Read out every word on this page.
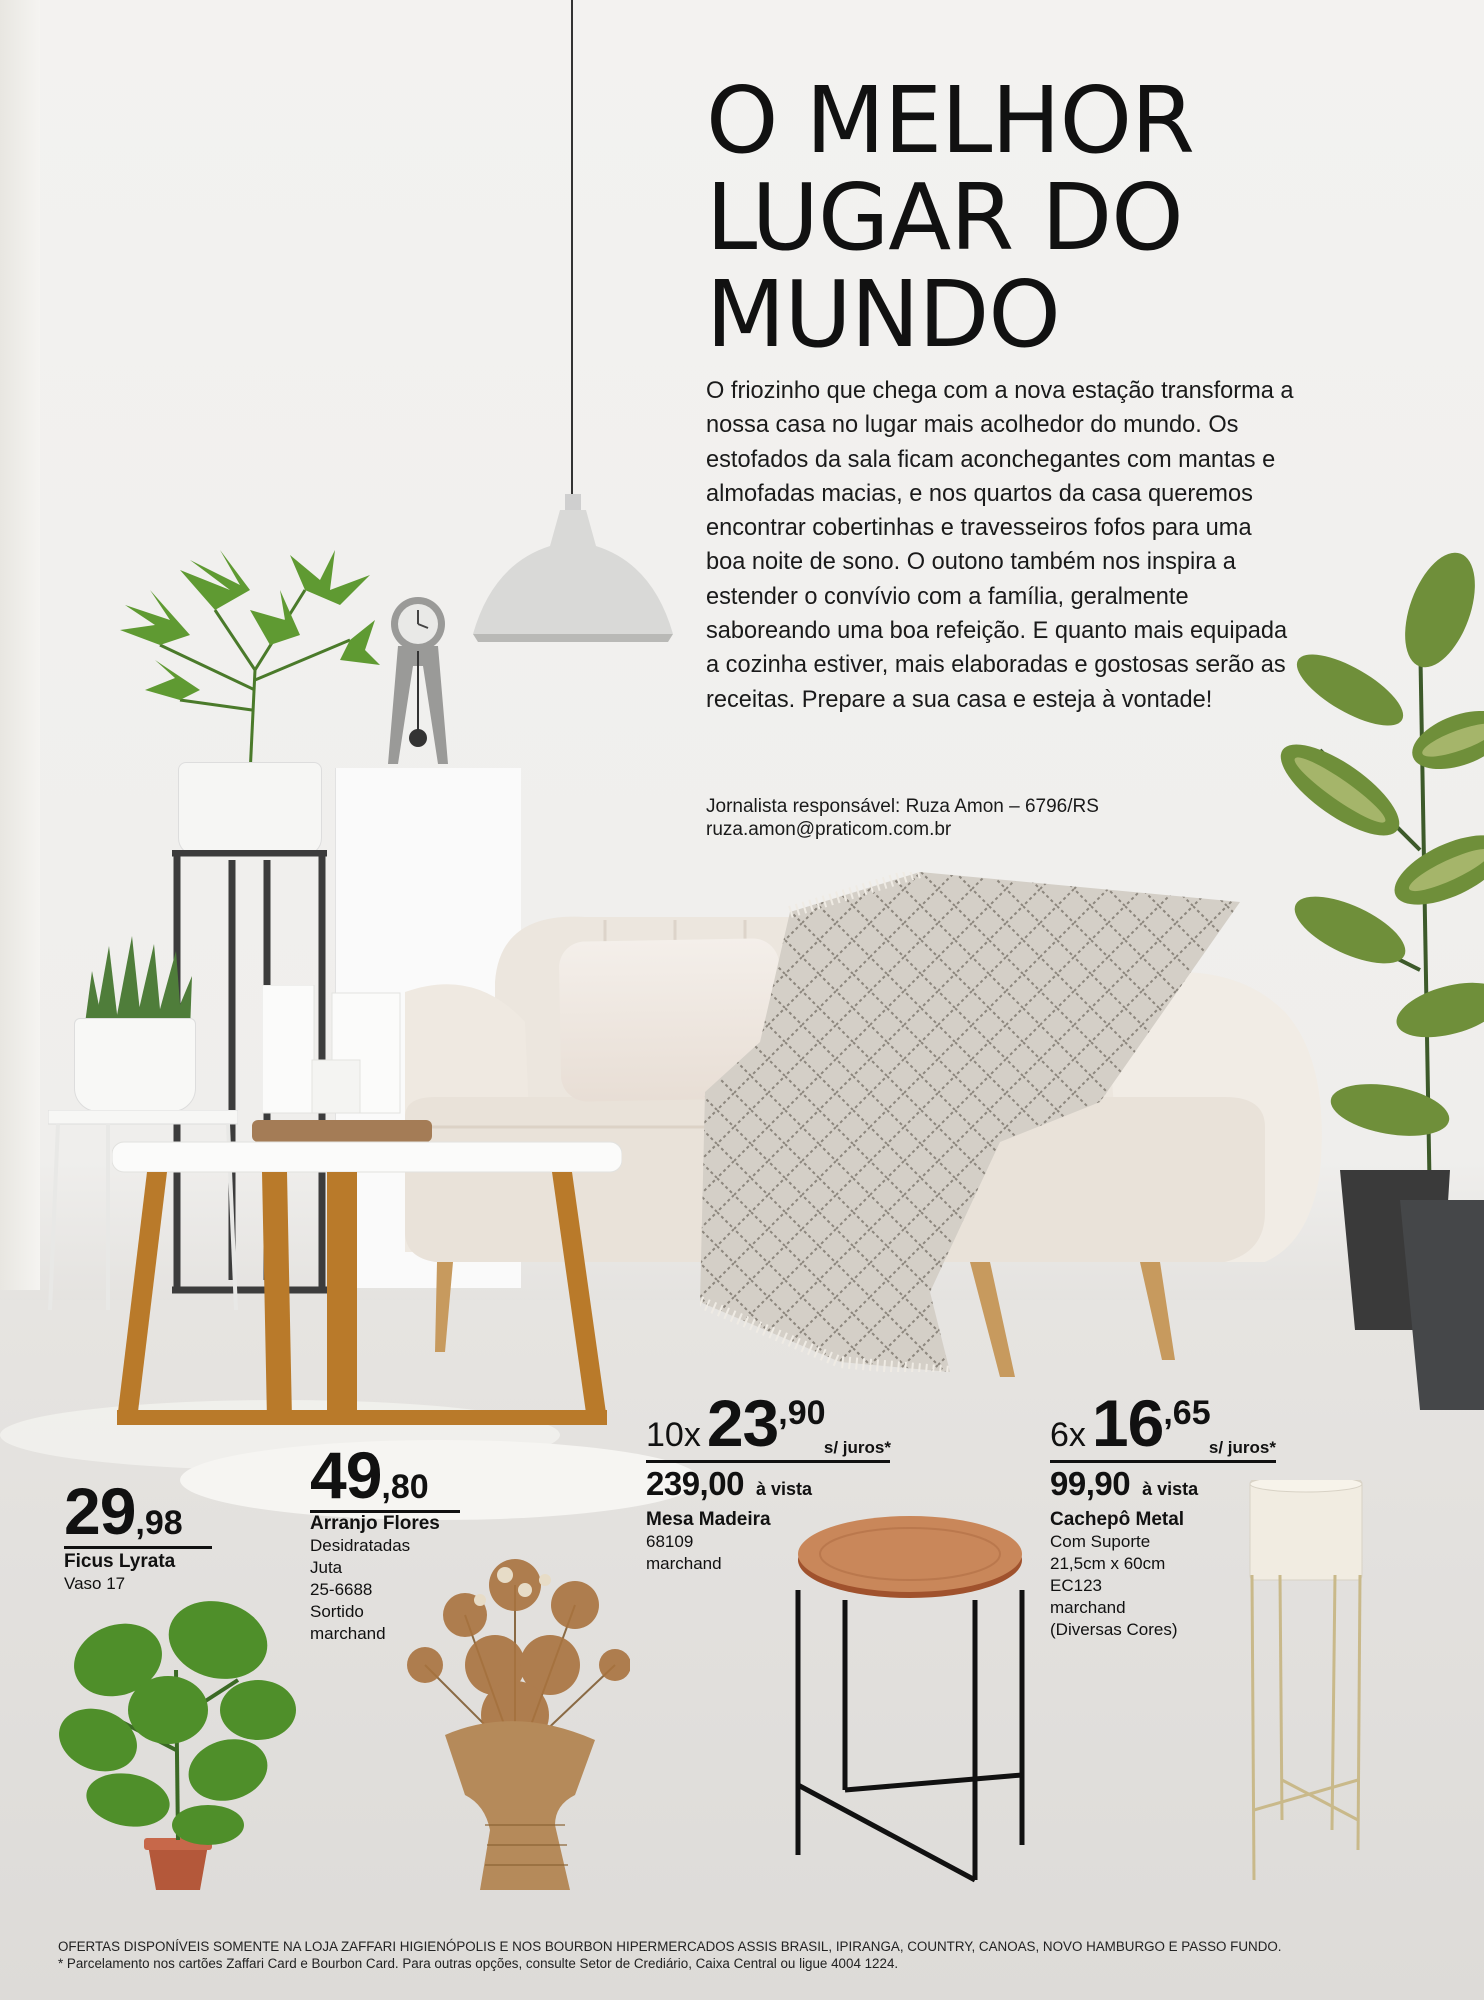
O MELHOR
LUGAR DO
MUNDO

O friozinho que chega com a nova estação transforma a nossa casa no lugar mais acolhedor do mundo. Os estofados da sala ficam aconchegantes com mantas e almofadas macias, e nos quartos da casa queremos encontrar cobertinhas e travesseiros fofos para uma boa noite de sono. O outono também nos inspira a estender o convívio com a família, geralmente saboreando uma boa refeição. E quanto mais equipada a cozinha estiver, mais elaboradas e gostosas serão as receitas. Prepare a sua casa e esteja à vontade!

Jornalista responsável: Ruza Amon – 6796/RS
ruza.amon@praticom.com.br
29,98
Ficus Lyrata
Vaso 17
49,80
Arranjo Flores
Desidratadas
Juta
25-6688
Sortido
marchand
10x23,90
s/ juros*
239,00 à vista
Mesa Madeira
68109
marchand
6x16,65
s/ juros*
99,90 à vista
Cachepô Metal
Com Suporte
21,5cm x 60cm
EC123
marchand
(Diversas Cores)
OFERTAS DISPONÍVEIS SOMENTE NA LOJA ZAFFARI HIGIENÓPOLIS E NOS BOURBON HIPERMERCADOS ASSIS BRASIL, IPIRANGA, COUNTRY, CANOAS, NOVO HAMBURGO E PASSO FUNDO.
* Parcelamento nos cartões Zaffari Card e Bourbon Card. Para outras opções, consulte Setor de Crediário, Caixa Central ou ligue 4004 1224.
